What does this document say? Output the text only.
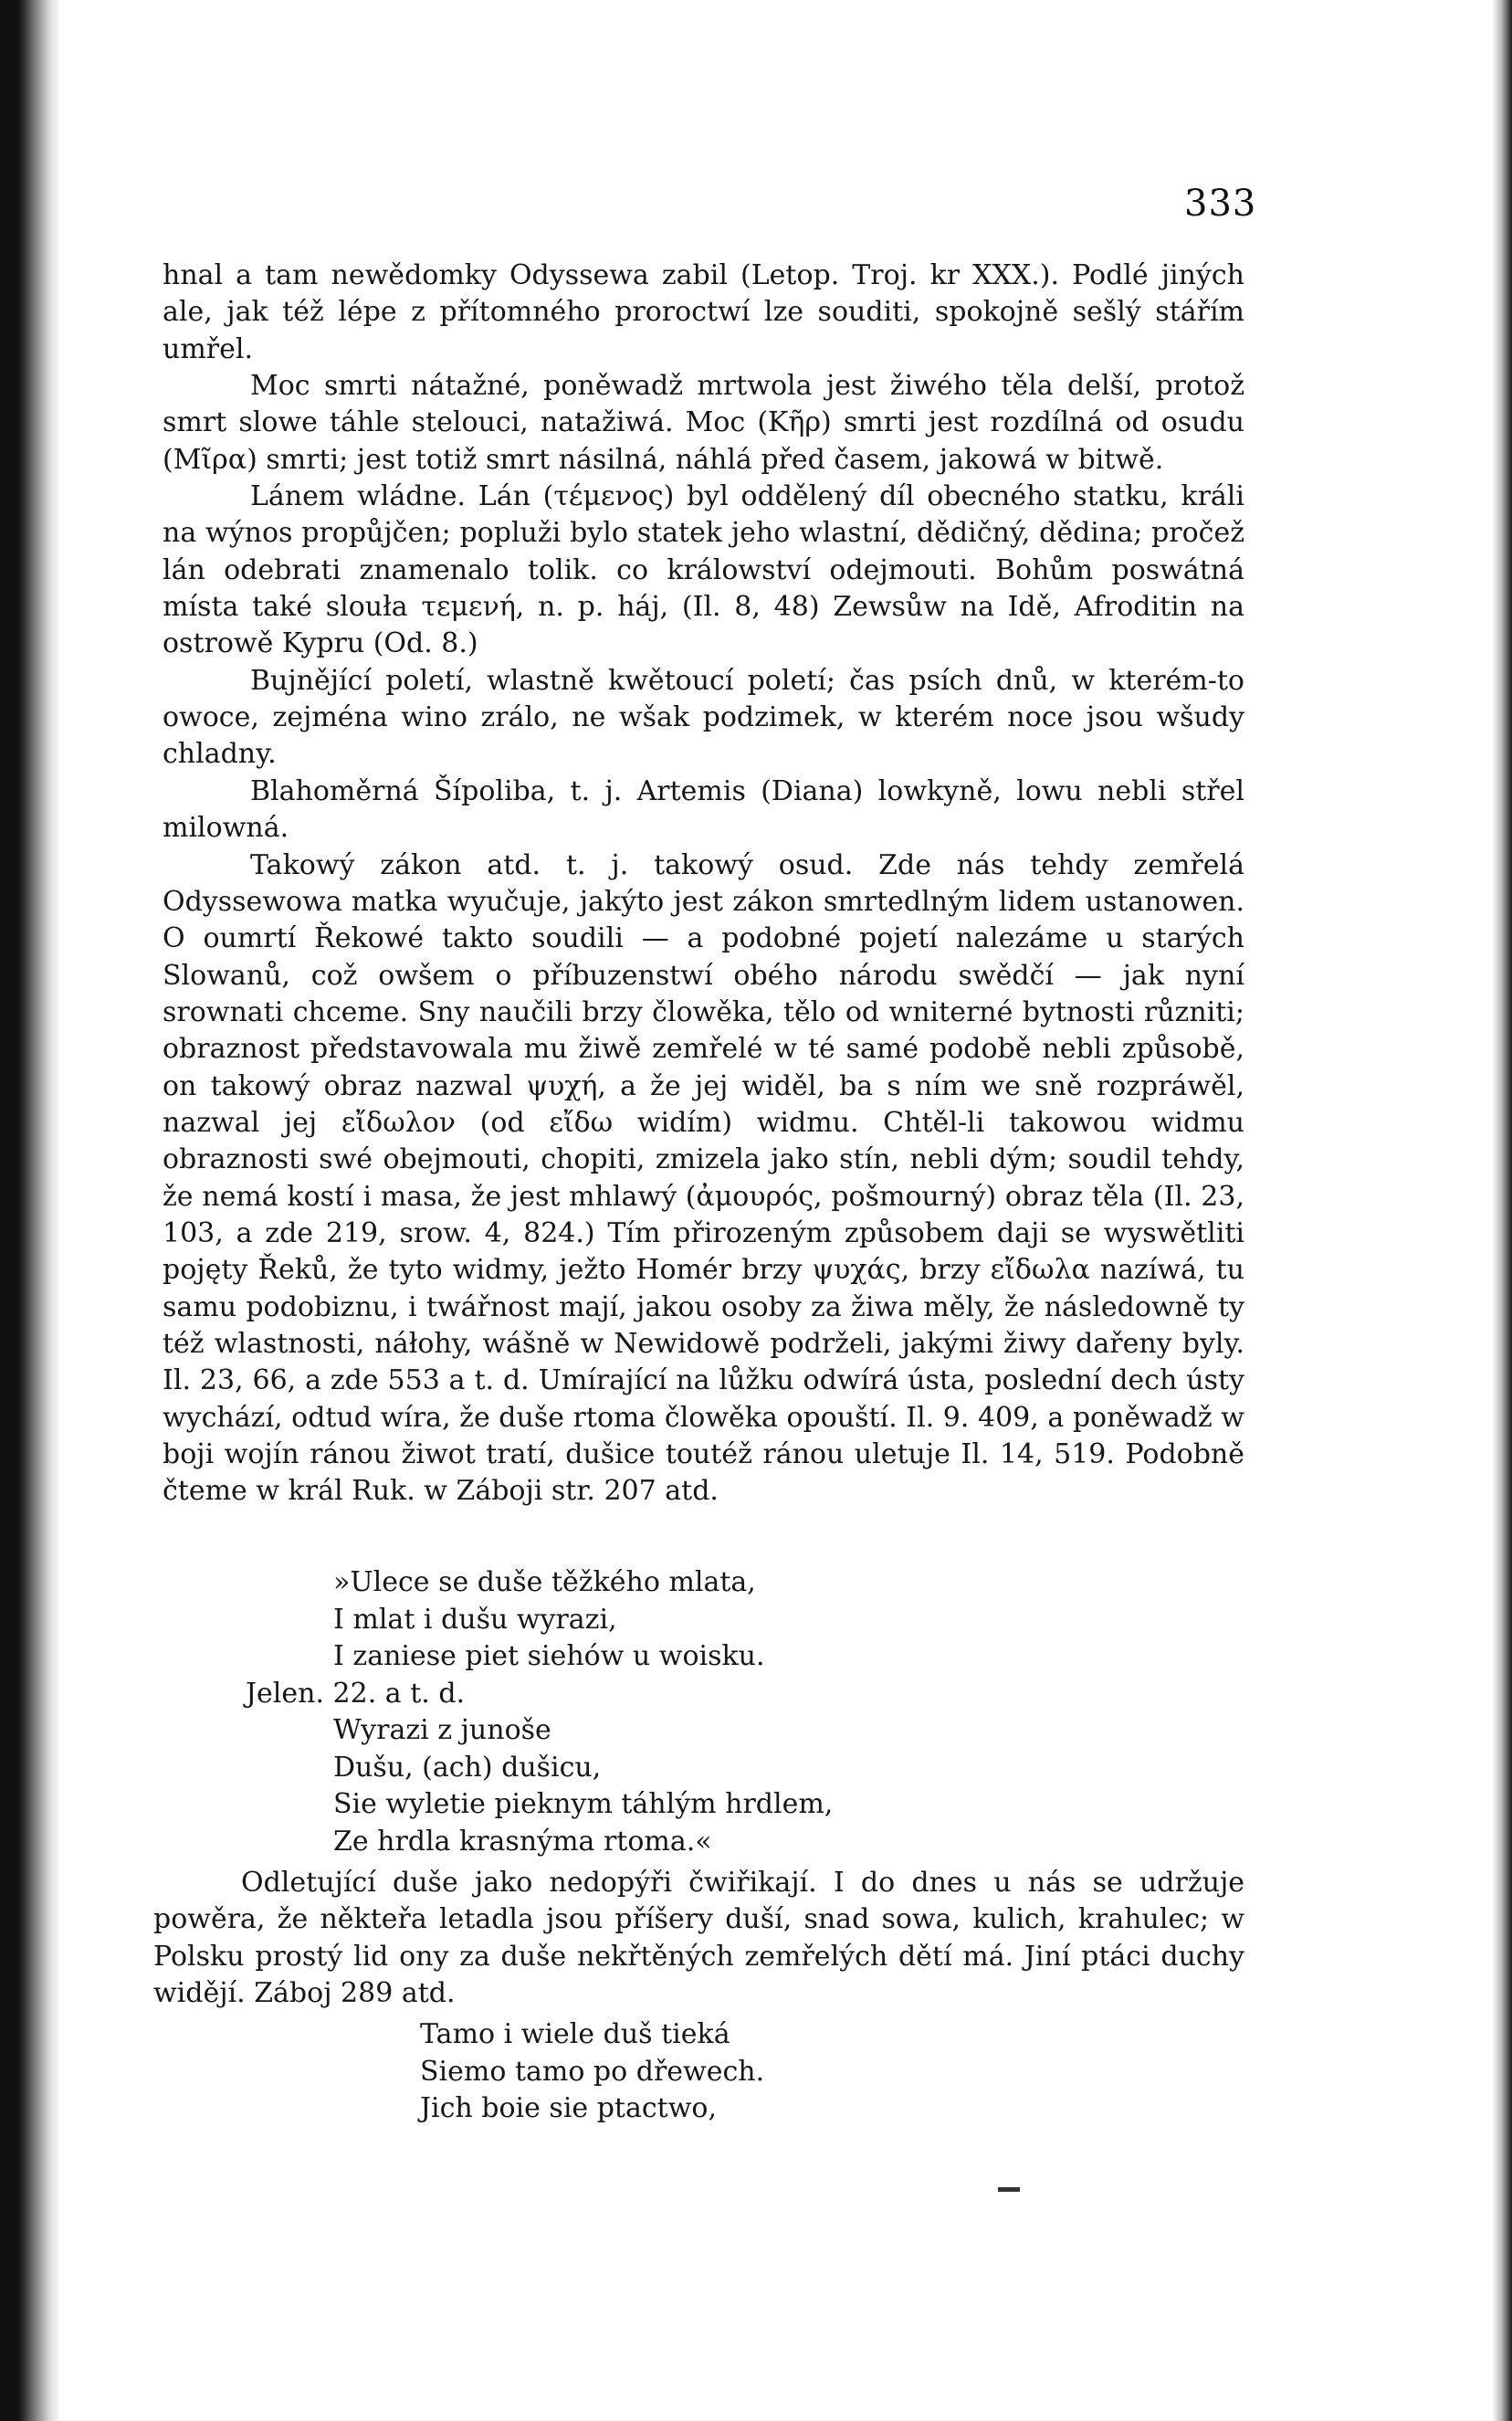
333

hnal a tam newědomky Odyssewa zabil (Letop. Troj. kr XXX.). Podlé jiných ale, jak též lépe z přítomného proroctwí lze souditi, spokojně sešlý stářím umřel.

Moc smrti nátažné, poněwadž mrtwola jest žiwého těla delší, protož smrt slowe táhle stelouci, natažiwá. Moc (Κῆρ) smrti jest rozdílná od osudu (Μῖρα) smrti; jest totiž smrt násilná, náhlá před časem, jakowá w bitwě.

Lánem wládne. Lán (τέμενος) byl oddělený díl obecného statku, králi na wýnos propůjčen; popluži bylo statek jeho wlastní, dědičný, dědina; pročež lán odebrati znamenalo tolik. co králowství odejmouti. Bohům poswátná místa také slouła τεμενή, n. p. háj, (Il. 8, 48) Zewsůw na Idě, Afroditin na ostrowě Kypru (Od. 8.)

Bujnějící poletí, wlastně kwětoucí poletí; čas psích dnů, w kterém-to owoce, zejména wino zrálo, ne wšak podzimek, w kterém noce jsou wšudy chladny.

Blahoměrná Šípoliba, t. j. Artemis (Diana) lowkyně, lowu nebli střel milowná.

Takowý zákon atd. t. j. takowý osud. Zde nás tehdy zemřelá Odyssewowa matka wyučuje, jakýto jest zákon smrtedlným lidem ustanowen. O oumrtí Řekowé takto soudili — a podobné pojetí nalezáme u starých Slowanů, což owšem o příbuzenstwí obého národu swědčí — jak nyní srownati chceme. Sny naučili brzy člowěka, tělo od wniterné bytnosti různiti; obraznost představowala mu žiwě zemřelé w té samé podobě nebli způsobě, on takowý obraz nazwal ψυχή, a že jej widěl, ba s ním we sně rozpráwěl, nazwal jej εἴδωλον (od εἴδω widím) widmu. Chtěl-li takowou widmu obraznosti swé obejmouti, chopiti, zmizela jako stín, nebli dým; soudil tehdy, že nemá kostí i masa, že jest mhlawý (ἀμουρός, pošmourný) obraz těla (Il. 23, 103, a zde 219, srow. 4, 824.) Tím přirozeným způsobem daji se wyswětliti pojęty Řeků, že tyto widmy, ježto Homér brzy ψυχάς, brzy εἴδωλα nazíwá, tu samu podobiznu, i twářnost mají, jakou osoby za žiwa měly, že následowně ty též wlastnosti, náłohy, wášně w Newidowě podrželi, jakými žiwy dařeny byly. Il. 23, 66, a zde 553 a t. d. Umírající na lůžku odwírá ústa, poslední dech ústy wychází, odtud wíra, že duše rtoma člowěka opouští. Il. 9. 409, a poněwadž w boji wojín ránou žiwot tratí, dušice toutéž ránou uletuje Il. 14, 519. Podobně čteme w král Ruk. w Záboji str. 207 atd.

»Ulece se duše těžkého mlata,
I mlat i dušu wyrazi,
I zaniese piet siehów u woisku.
Jelen. 22. a t. d.
Wyrazi z junoše
Dušu, (ach) dušicu,
Sie wyletie pieknym táhlým hrdlem,
Ze hrdla krasnýma rtoma.«

Odletující duše jako nedopýři čwiřikají. I do dnes u nás se udržuje powěra, že někteřa letadla jsou příšery duší, snad sowa, kulich, krahulec; w Polsku prostý lid ony za duše nekřtěných zemřelých dětí má. Jiní ptáci duchy widějí. Záboj 289 atd.

Tamo i wiele duš tieká
Siemo tamo po dřewech.
Jich boie sie ptactwo,
